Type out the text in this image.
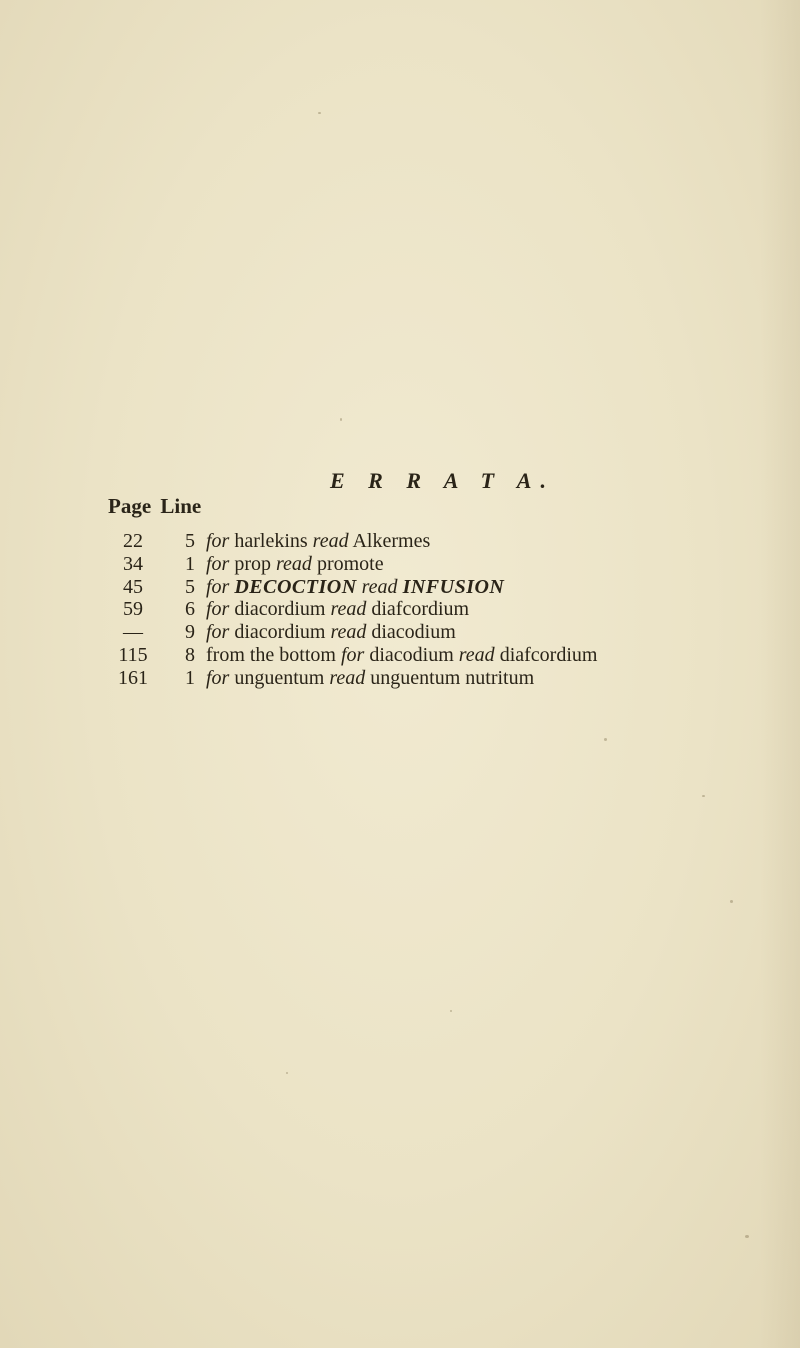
E R R A T A.
Page Line
22	5 for harlekins read Alkermes
34	1 for prop read promote
45	5 for DECOCTION read INFUSION
59	6 for diacordium read diafcordium
—	9 for diacordium read diacodium
115	8 from the bottom for diacodium read diafcordium
161	1 for unguentum read unguentum nutritum
